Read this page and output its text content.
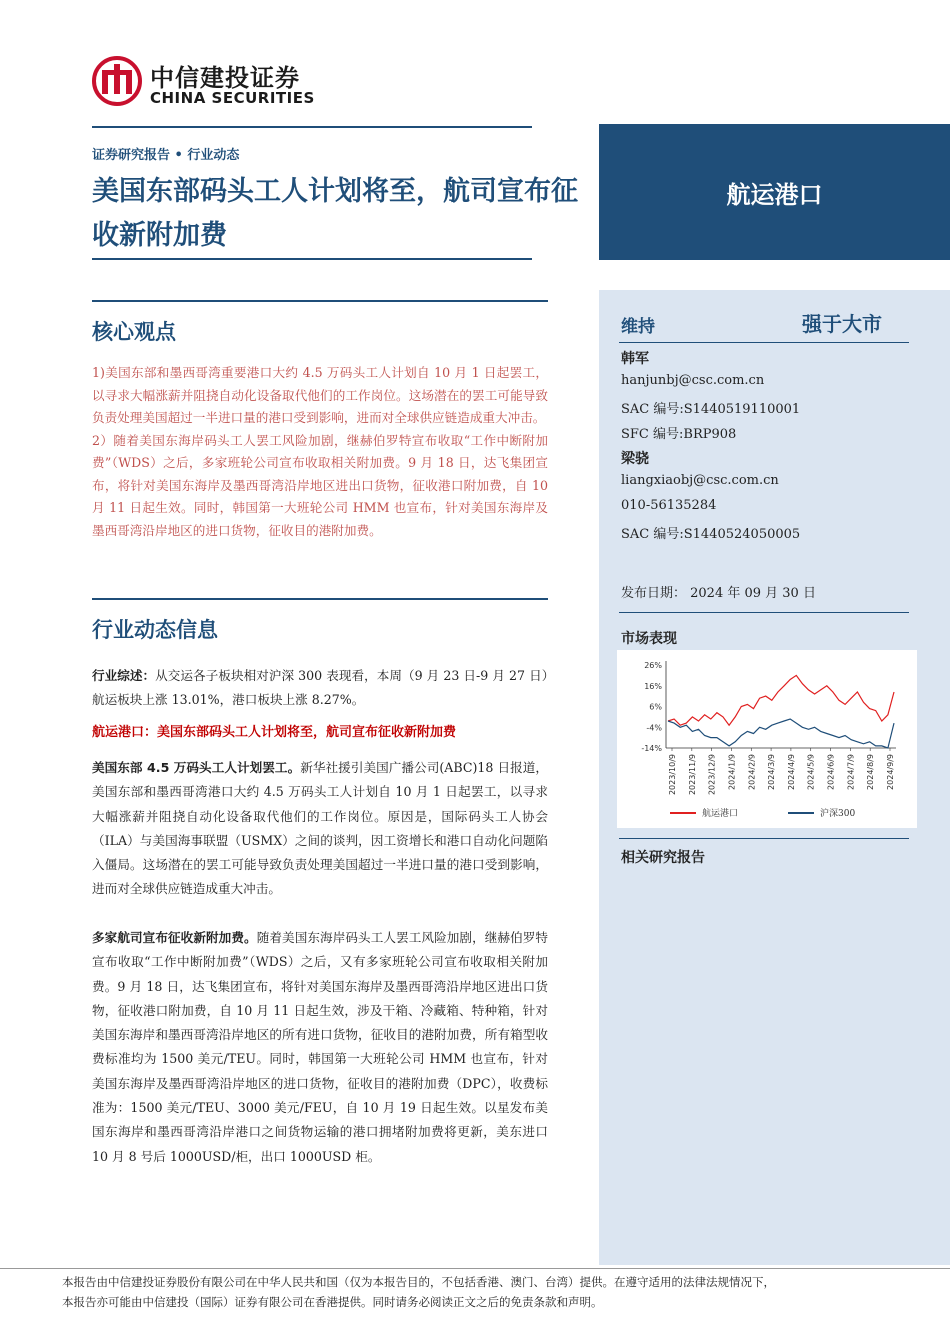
中信建投证券
CHINA SECURITIES
证券研究报告 • 行业动态
美国东部码头工人计划将至，航司宣布征收新附加费
航运港口
维持	强于大市
韩军
hanjunbj@csc.com.cn
SAC 编号:S1440519110001
SFC 编号:BRP908
梁骁
liangxiaobj@csc.com.cn
010-56135284
SAC 编号:S1440524050005
发布日期： 2024 年 09 月 30 日
市场表现
相关研究报告
26%
16%
6%
-4%
-14%
2023/10/9 2023/11/9 2023/12/9 2024/1/9 2024/2/9 2024/3/9 2024/4/9 2024/5/9 2024/6/9 2024/7/9 2024/8/9 2024/9/9
航运港口	沪深300
核心观点

1)美国东部和墨西哥湾重要港口大约 4.5 万码头工人计划自 10 月 1 日起罢工，以寻求大幅涨薪并阻挠自动化设备取代他们的工作岗位。这场潜在的罢工可能导致负责处理美国超过一半进口量的港口受到影响，进而对全球供应链造成重大冲击。

2）随着美国东海岸码头工人罢工风险加剧，继赫伯罗特宣布收取“工作中断附加费”（WDS）之后，多家班轮公司宣布收取相关附加费。9 月 18 日，达飞集团宣布，将针对美国东海岸及墨西哥湾沿岸地区进出口货物，征收港口附加费，自 10 月 11 日起生效。同时，韩国第一大班轮公司 HMM 也宣布，针对美国东海岸及墨西哥湾沿岸地区的进口货物，征收目的港附加费。

行业动态信息
行业综述：从交运各子板块相对沪深 300 表现看，本周（9 月 23 日-9 月 27 日）航运板块上涨 13.01%，港口板块上涨 8.27%。
航运港口：美国东部码头工人计划将至，航司宣布征收新附加费
美国东部 4.5 万码头工人计划罢工。新华社援引美国广播公司(ABC)18 日报道，美国东部和墨西哥湾港口大约 4.5 万码头工人计划自 10 月 1 日起罢工，以寻求大幅涨薪并阻挠自动化设备取代他们的工作岗位。原因是，国际码头工人协会（ILA）与美国海事联盟（USMX）之间的谈判，因工资增长和港口自动化问题陷入僵局。这场潜在的罢工可能导致负责处理美国超过一半进口量的港口受到影响，进而对全球供应链造成重大冲击。
多家航司宣布征收新附加费。随着美国东海岸码头工人罢工风险加剧，继赫伯罗特宣布收取“工作中断附加费”（WDS）之后，又有多家班轮公司宣布收取相关附加费。9 月 18 日，达飞集团宣布，将针对美国东海岸及墨西哥湾沿岸地区进出口货物，征收港口附加费，自 10 月 11 日起生效，涉及干箱、冷藏箱、特种箱，针对美国东海岸和墨西哥湾沿岸地区的所有进口货物，征收目的港附加费，所有箱型收费标准均为 1500 美元/TEU。同时，韩国第一大班轮公司 HMM 也宣布，针对美国东海岸及墨西哥湾沿岸地区的进口货物，征收目的港附加费（DPC），收费标准为：1500 美元/TEU、3000 美元/FEU，自 10 月 19 日起生效。以星发布美国东海岸和墨西哥湾沿岸港口之间货物运输的港口拥堵附加费将更新，美东进口 10 月 8 号后 1000USD/柜，出口 1000USD 柜。
本报告由中信建投证券股份有限公司在中华人民共和国（仅为本报告目的，不包括香港、澳门、台湾）提供。在遵守适用的法律法规情况下，
本报告亦可能由中信建投（国际）证券有限公司在香港提供。同时请务必阅读正文之后的免责条款和声明。
